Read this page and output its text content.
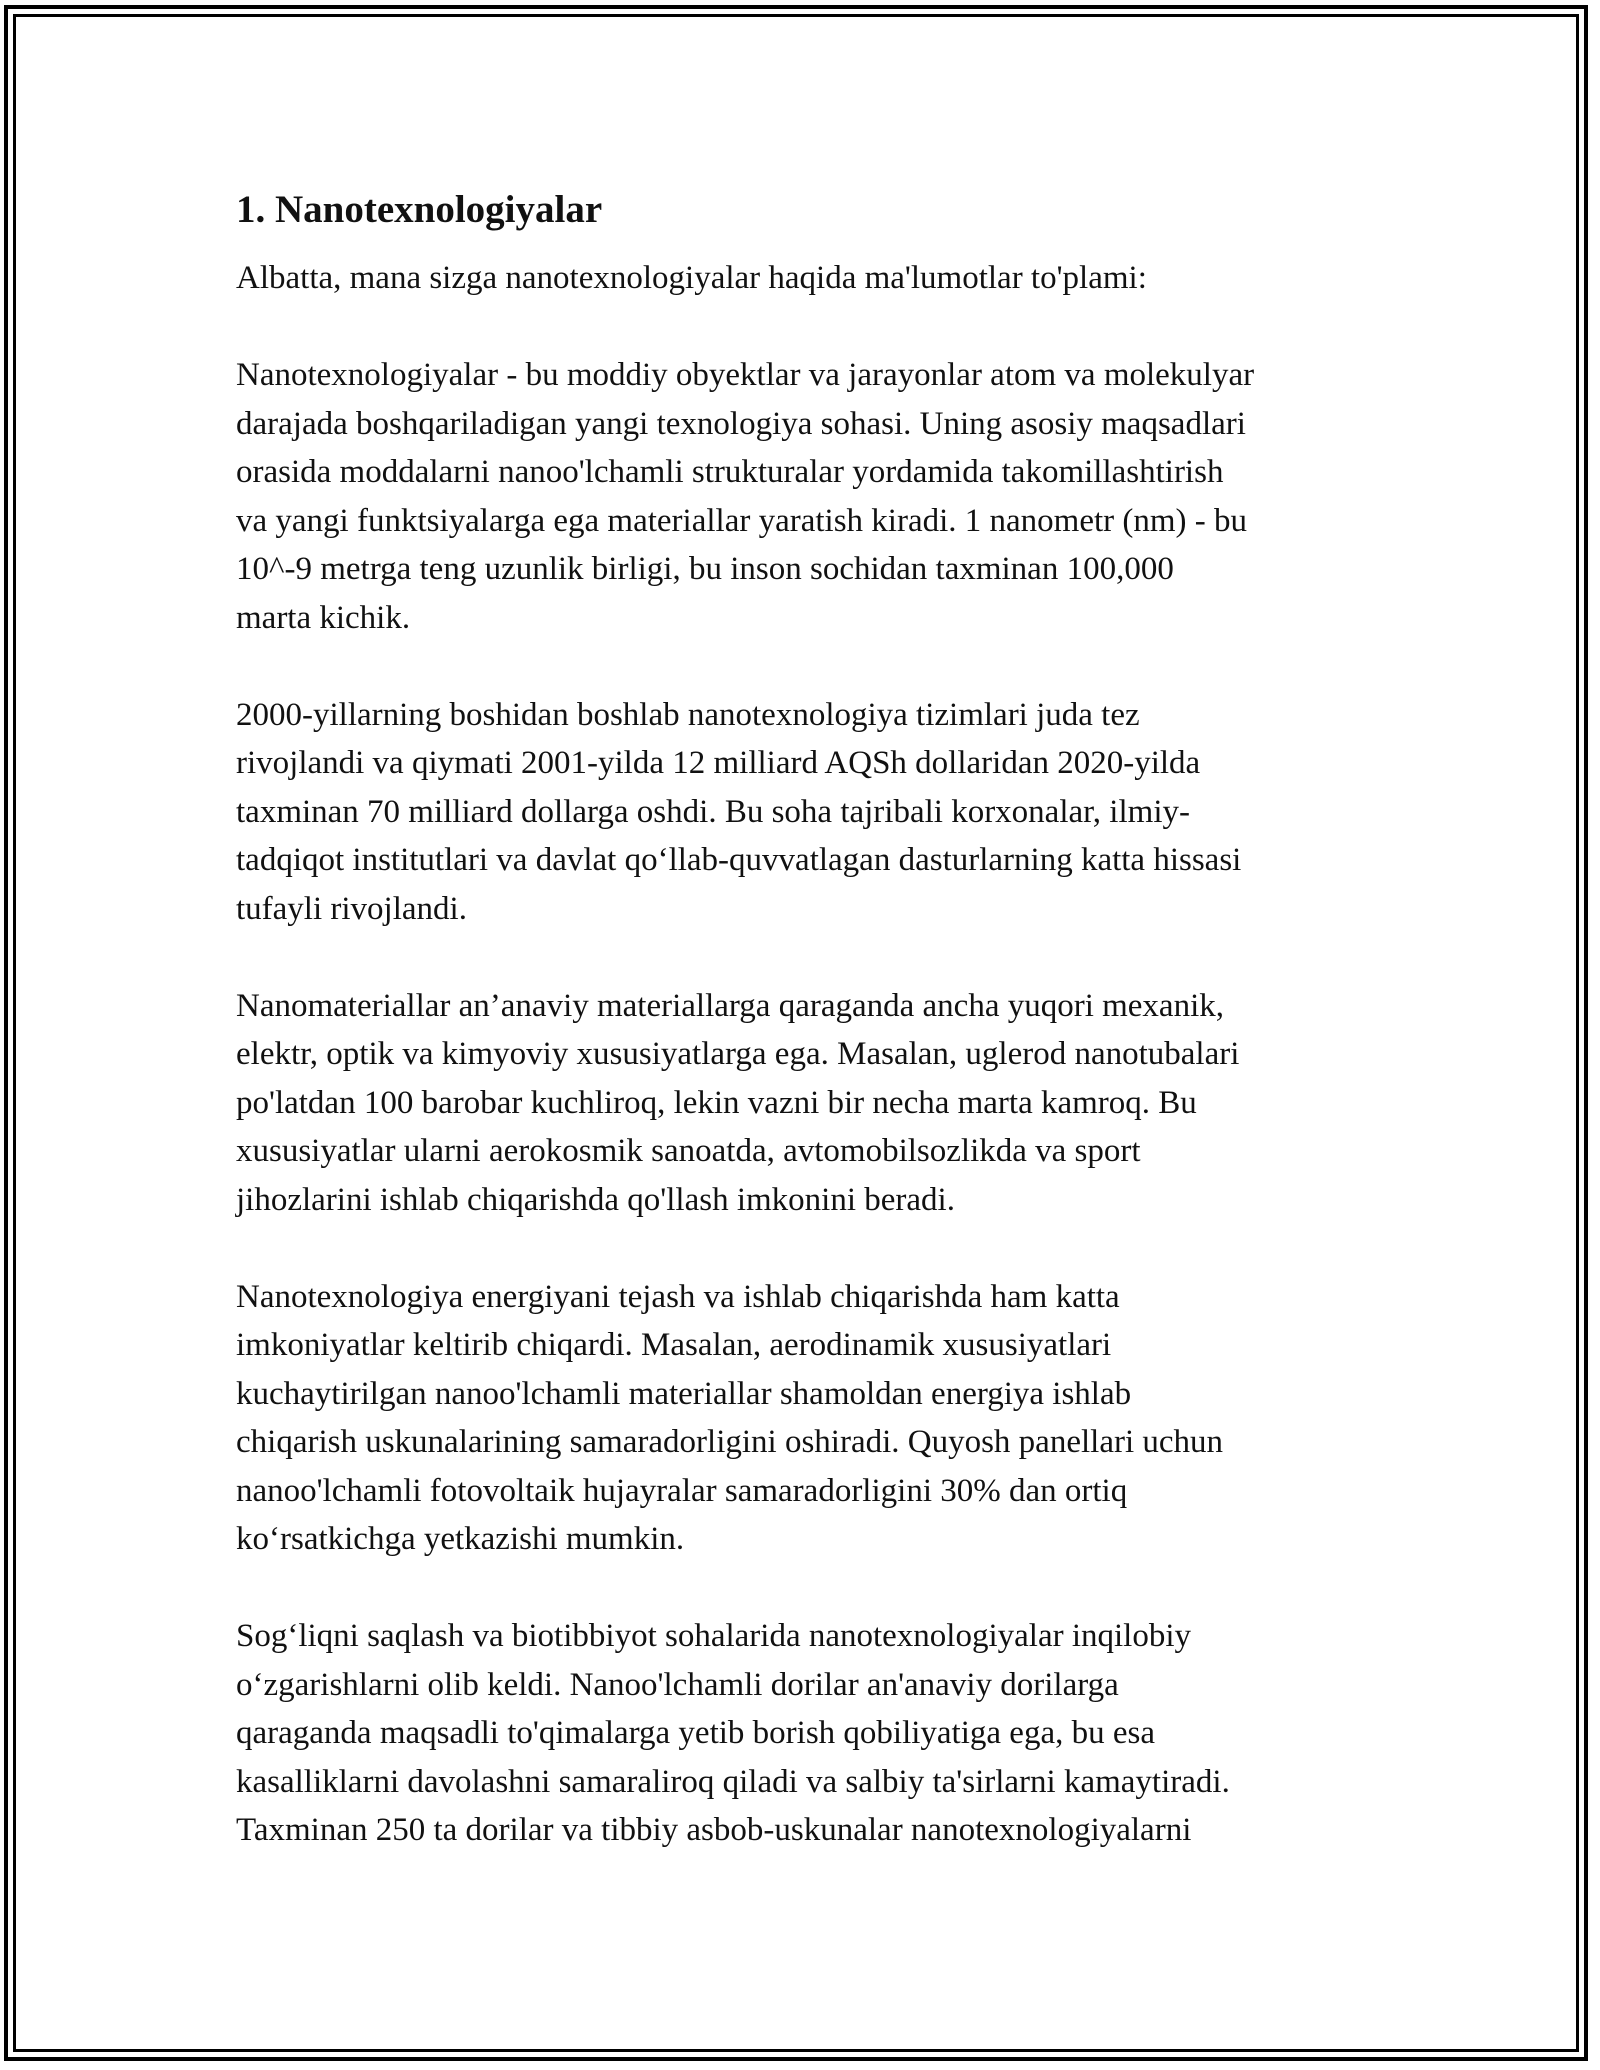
1. Nanotexnologiyalar

Albatta, mana sizga nanotexnologiyalar haqida ma'lumotlar to'plami:

Nanotexnologiyalar - bu moddiy obyektlar va jarayonlar atom va molekulyar
darajada boshqariladigan yangi texnologiya sohasi. Uning asosiy maqsadlari
orasida moddalarni nanoo'lchamli strukturalar yordamida takomillashtirish
va yangi funktsiyalarga ega materiallar yaratish kiradi. 1 nanometr (nm) - bu
10^-9 metrga teng uzunlik birligi, bu inson sochidan taxminan 100,000
marta kichik.

2000-yillarning boshidan boshlab nanotexnologiya tizimlari juda tez
rivojlandi va qiymati 2001-yilda 12 milliard AQSh dollaridan 2020-yilda
taxminan 70 milliard dollarga oshdi. Bu soha tajribali korxonalar, ilmiy-
tadqiqot institutlari va davlat qo‘llab-quvvatlagan dasturlarning katta hissasi
tufayli rivojlandi.

Nanomateriallar an’anaviy materiallarga qaraganda ancha yuqori mexanik,
elektr, optik va kimyoviy xususiyatlarga ega. Masalan, uglerod nanotubalari
po'latdan 100 barobar kuchliroq, lekin vazni bir necha marta kamroq. Bu
xususiyatlar ularni aerokosmik sanoatda, avtomobilsozlikda va sport
jihozlarini ishlab chiqarishda qo'llash imkonini beradi.

Nanotexnologiya energiyani tejash va ishlab chiqarishda ham katta
imkoniyatlar keltirib chiqardi. Masalan, aerodinamik xususiyatlari
kuchaytirilgan nanoo'lchamli materiallar shamoldan energiya ishlab
chiqarish uskunalarining samaradorligini oshiradi. Quyosh panellari uchun
nanoo'lchamli fotovoltaik hujayralar samaradorligini 30% dan ortiq
ko‘rsatkichga yetkazishi mumkin.

Sog‘liqni saqlash va biotibbiyot sohalarida nanotexnologiyalar inqilobiy
o‘zgarishlarni olib keldi. Nanoo'lchamli dorilar an'anaviy dorilarga
qaraganda maqsadli to'qimalarga yetib borish qobiliyatiga ega, bu esa
kasalliklarni davolashni samaraliroq qiladi va salbiy ta'sirlarni kamaytiradi.
Taxminan 250 ta dorilar va tibbiy asbob-uskunalar nanotexnologiyalarni
